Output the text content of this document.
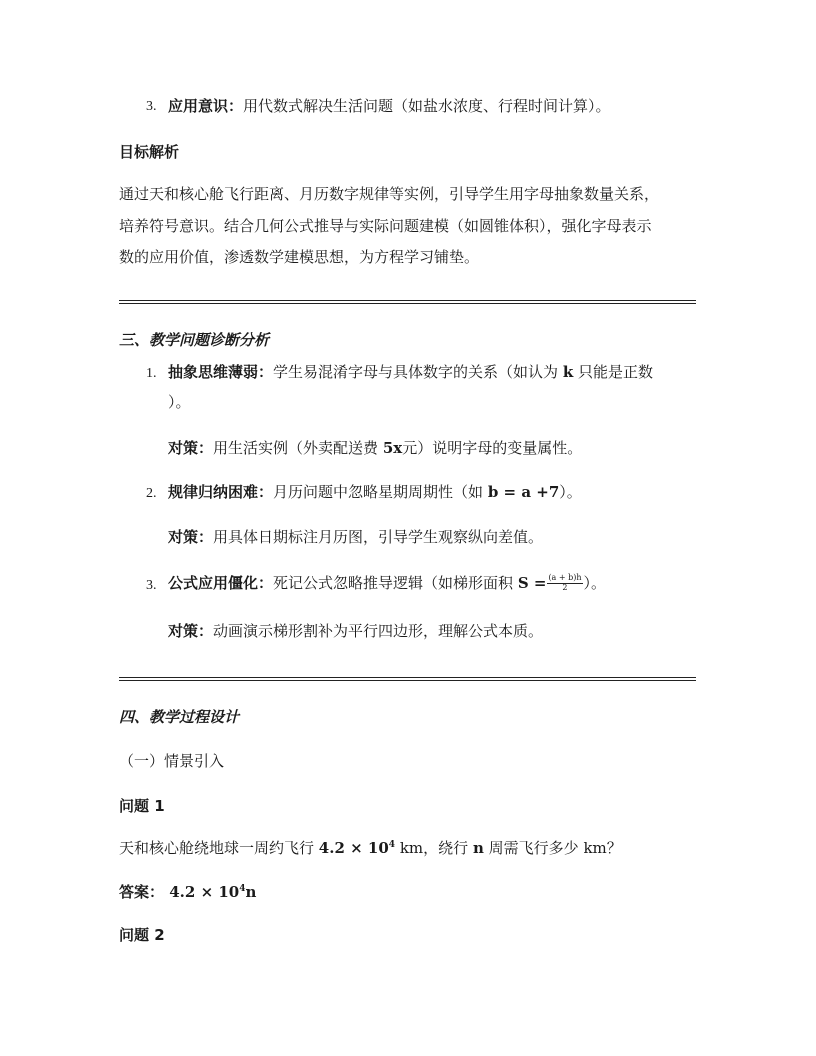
3. 应用意识：用代数式解决生活问题（如盐水浓度、行程时间计算）。
目标解析
通过天和核心舱飞行距离、月历数字规律等实例，引导学生用字母抽象数量关系，
培养符号意识。结合几何公式推导与实际问题建模（如圆锥体积），强化字母表示
数的应用价值，渗透数学建模思想，为方程学习铺垫。
三、教学问题诊断分析
1. 抽象思维薄弱：学生易混淆字母与具体数字的关系（如认为 k 只能是正数
）。
对策：用生活实例（外卖配送费 5x元）说明字母的变量属性。
2. 规律归纳困难：月历问题中忽略星期周期性（如 b = a +7）。
对策：用具体日期标注月历图，引导学生观察纵向差值。
3. 公式应用僵化：死记公式忽略推导逻辑（如梯形面积 $S = \frac{(a + b)h}{2}$ ）。
对策：动画演示梯形割补为平行四边形，理解公式本质。
四、教学过程设计
（一）情景引入
问题 1
天和核心舱绕地球一周约飞行 $4.2 \times 10^4$ km，绕行 n 周需飞行多少 km？
答案： $4.2 \times 10^4n$
问题 2
